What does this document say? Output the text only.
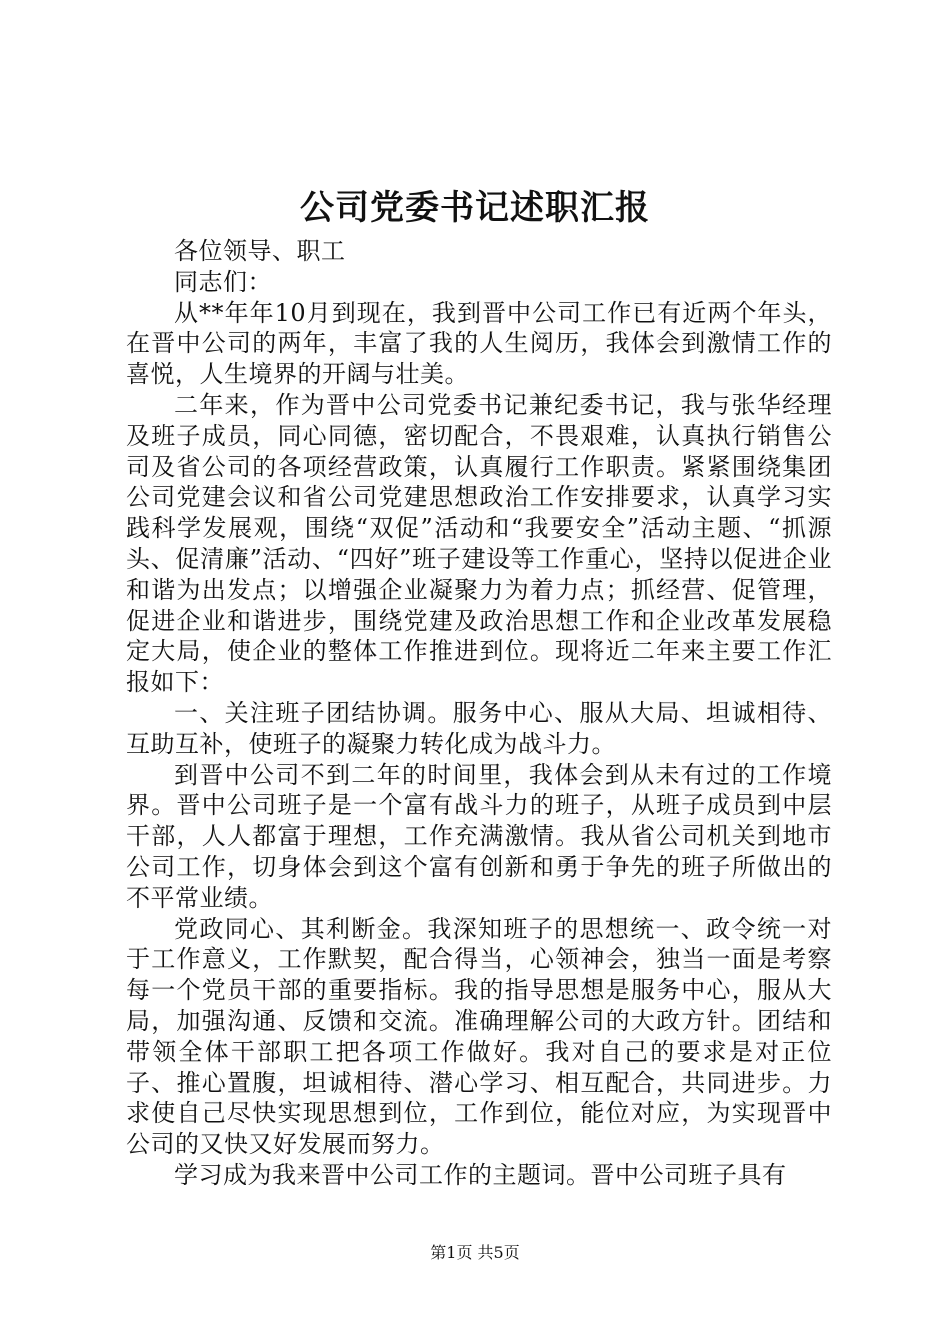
公司党委书记述职汇报

各位领导、职工

同志们：

从**年年10月到现在，我到晋中公司工作已有近两个年头，在晋中公司的两年，丰富了我的人生阅历，我体会到激情工作的喜悦，人生境界的开阔与壮美。

二年来，作为晋中公司党委书记兼纪委书记，我与张华经理及班子成员，同心同德，密切配合，不畏艰难，认真执行销售公司及省公司的各项经营政策，认真履行工作职责。紧紧围绕集团公司党建会议和省公司党建思想政治工作安排要求，认真学习实践科学发展观，围绕“双促”活动和“我要安全”活动主题、“抓源头、促清廉”活动、“四好”班子建设等工作重心，坚持以促进企业和谐为出发点；以增强企业凝聚力为着力点；抓经营、促管理，促进企业和谐进步，围绕党建及政治思想工作和企业改革发展稳定大局，使企业的整体工作推进到位。现将近二年来主要工作汇报如下：

一、关注班子团结协调。服务中心、服从大局、坦诚相待、互助互补，使班子的凝聚力转化成为战斗力。

到晋中公司不到二年的时间里，我体会到从未有过的工作境界。晋中公司班子是一个富有战斗力的班子，从班子成员到中层干部，人人都富于理想，工作充满激情。我从省公司机关到地市公司工作，切身体会到这个富有创新和勇于争先的班子所做出的不平常业绩。

党政同心、其利断金。我深知班子的思想统一、政令统一对于工作意义，工作默契，配合得当，心领神会，独当一面是考察每一个党员干部的重要指标。我的指导思想是服务中心，服从大局，加强沟通、反馈和交流。准确理解公司的大政方针。团结和带领全体干部职工把各项工作做好。我对自己的要求是对正位子、推心置腹，坦诚相待、潜心学习、相互配合，共同进步。力求使自己尽快实现思想到位，工作到位，能位对应，为实现晋中公司的又快又好发展而努力。

学习成为我来晋中公司工作的主题词。晋中公司班子具有

第1页 共5页
